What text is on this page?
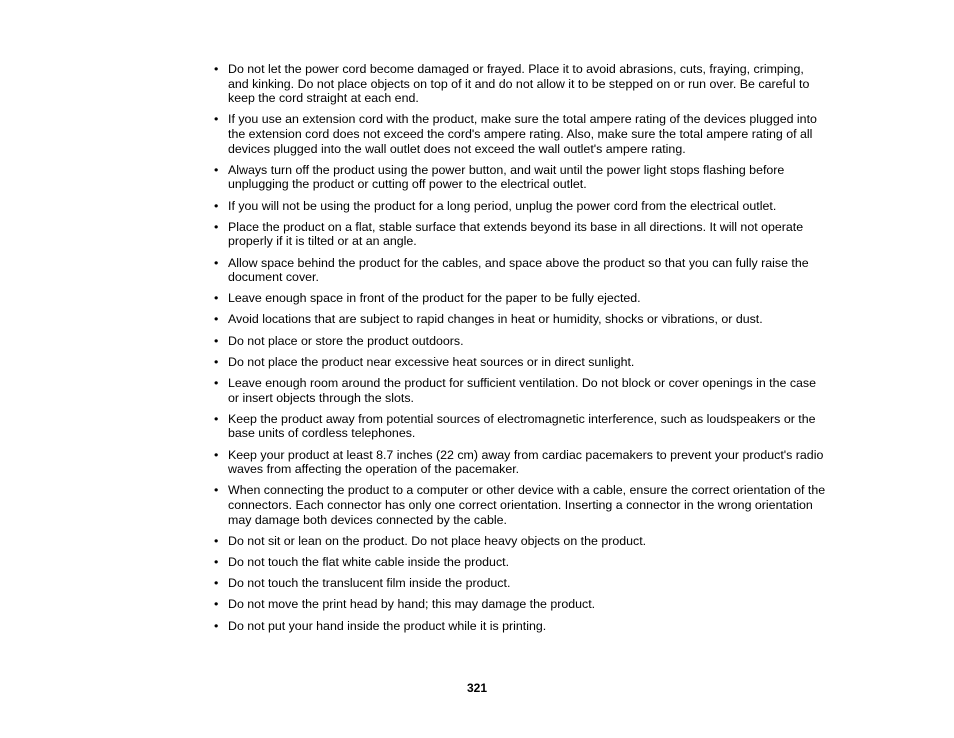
• Do not let the power cord become damaged or frayed. Place it to avoid abrasions, cuts, fraying, crimping, and kinking. Do not place objects on top of it and do not allow it to be stepped on or run over. Be careful to keep the cord straight at each end.
• If you use an extension cord with the product, make sure the total ampere rating of the devices plugged into the extension cord does not exceed the cord's ampere rating. Also, make sure the total ampere rating of all devices plugged into the wall outlet does not exceed the wall outlet's ampere rating.
• Always turn off the product using the power button, and wait until the power light stops flashing before unplugging the product or cutting off power to the electrical outlet.
• If you will not be using the product for a long period, unplug the power cord from the electrical outlet.
• Place the product on a flat, stable surface that extends beyond its base in all directions. It will not operate properly if it is tilted or at an angle.
• Allow space behind the product for the cables, and space above the product so that you can fully raise the document cover.
• Leave enough space in front of the product for the paper to be fully ejected.
• Avoid locations that are subject to rapid changes in heat or humidity, shocks or vibrations, or dust.
• Do not place or store the product outdoors.
• Do not place the product near excessive heat sources or in direct sunlight.
• Leave enough room around the product for sufficient ventilation. Do not block or cover openings in the case or insert objects through the slots.
• Keep the product away from potential sources of electromagnetic interference, such as loudspeakers or the base units of cordless telephones.
• Keep your product at least 8.7 inches (22 cm) away from cardiac pacemakers to prevent your product's radio waves from affecting the operation of the pacemaker.
• When connecting the product to a computer or other device with a cable, ensure the correct orientation of the connectors. Each connector has only one correct orientation. Inserting a connector in the wrong orientation may damage both devices connected by the cable.
• Do not sit or lean on the product. Do not place heavy objects on the product.
• Do not touch the flat white cable inside the product.
• Do not touch the translucent film inside the product.
• Do not move the print head by hand; this may damage the product.
• Do not put your hand inside the product while it is printing.
321
